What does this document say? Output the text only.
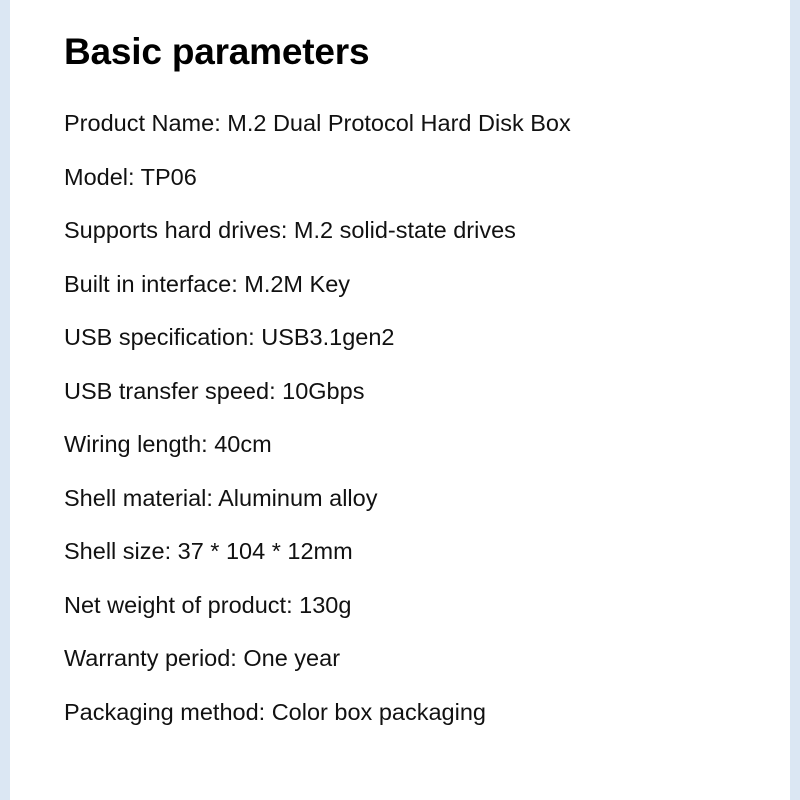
Basic parameters
Product Name: M.2 Dual Protocol Hard Disk Box
Model: TP06
Supports hard drives: M.2 solid-state drives
Built in interface: M.2M Key
USB specification: USB3.1gen2
USB transfer speed: 10Gbps
Wiring length: 40cm
Shell material: Aluminum alloy
Shell size: 37 * 104 * 12mm
Net weight of product: 130g
Warranty period: One year
Packaging method: Color box packaging
